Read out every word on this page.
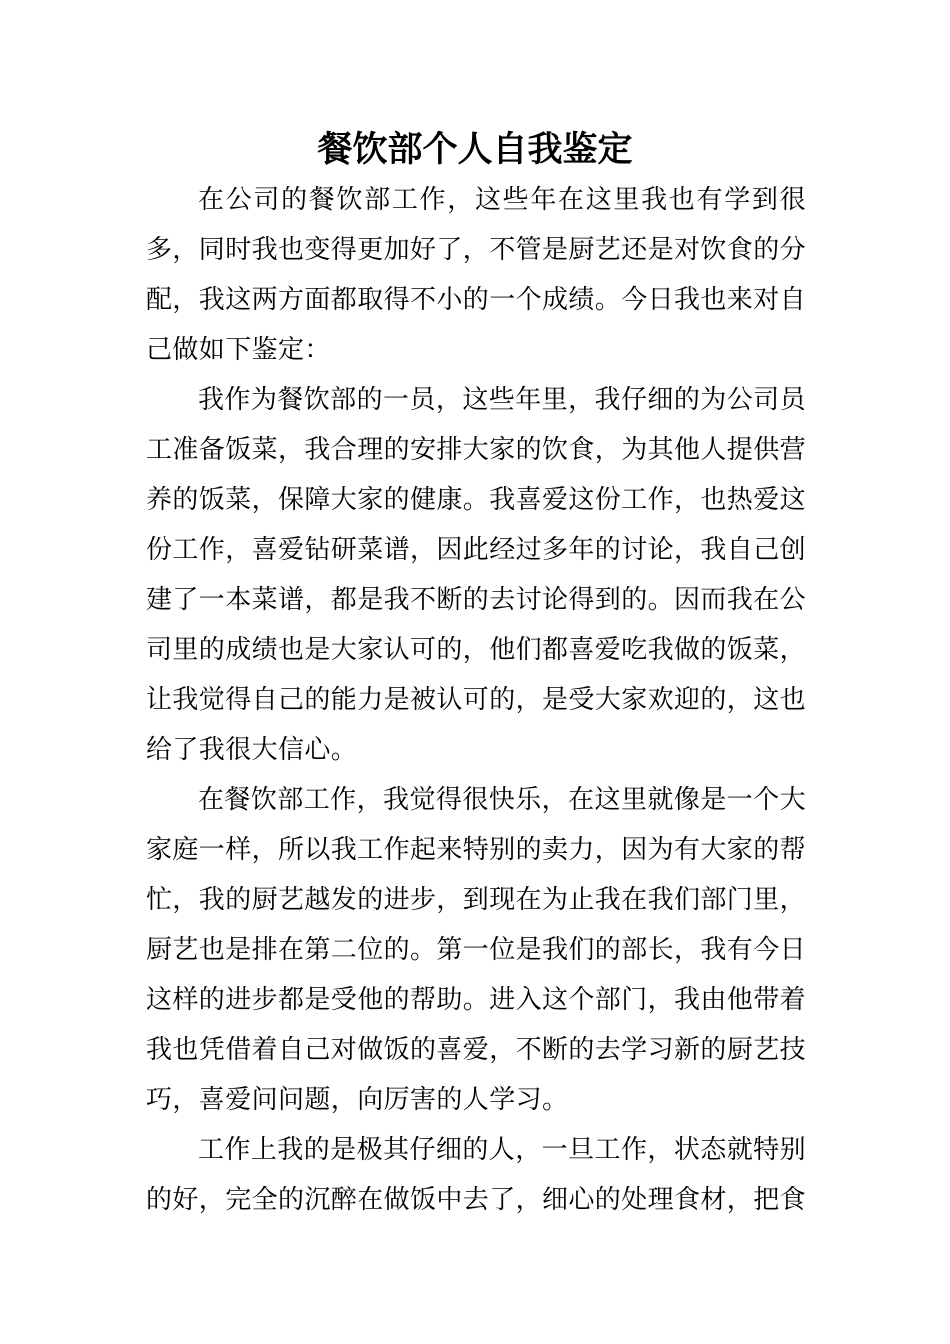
餐饮部个人自我鉴定

在公司的餐饮部工作，这些年在这里我也有学到很多，同时我也变得更加好了，不管是厨艺还是对饮食的分配，我这两方面都取得不小的一个成绩。今日我也来对自己做如下鉴定：

我作为餐饮部的一员，这些年里，我仔细的为公司员工准备饭菜，我合理的安排大家的饮食，为其他人提供营养的饭菜，保障大家的健康。我喜爱这份工作，也热爱这份工作，喜爱钻研菜谱，因此经过多年的讨论，我自己创建了一本菜谱，都是我不断的去讨论得到的。因而我在公司里的成绩也是大家认可的，他们都喜爱吃我做的饭菜，让我觉得自己的能力是被认可的，是受大家欢迎的，这也给了我很大信心。

在餐饮部工作，我觉得很快乐，在这里就像是一个大家庭一样，所以我工作起来特别的卖力，因为有大家的帮忙，我的厨艺越发的进步，到现在为止我在我们部门里，厨艺也是排在第二位的。第一位是我们的部长，我有今日这样的进步都是受他的帮助。进入这个部门，我由他带着我也凭借着自己对做饭的喜爱，不断的去学习新的厨艺技巧，喜爱问问题，向厉害的人学习。

工作上我的是极其仔细的人，一旦工作，状态就特别的好，完全的沉醉在做饭中去了，细心的处理食材，把食
